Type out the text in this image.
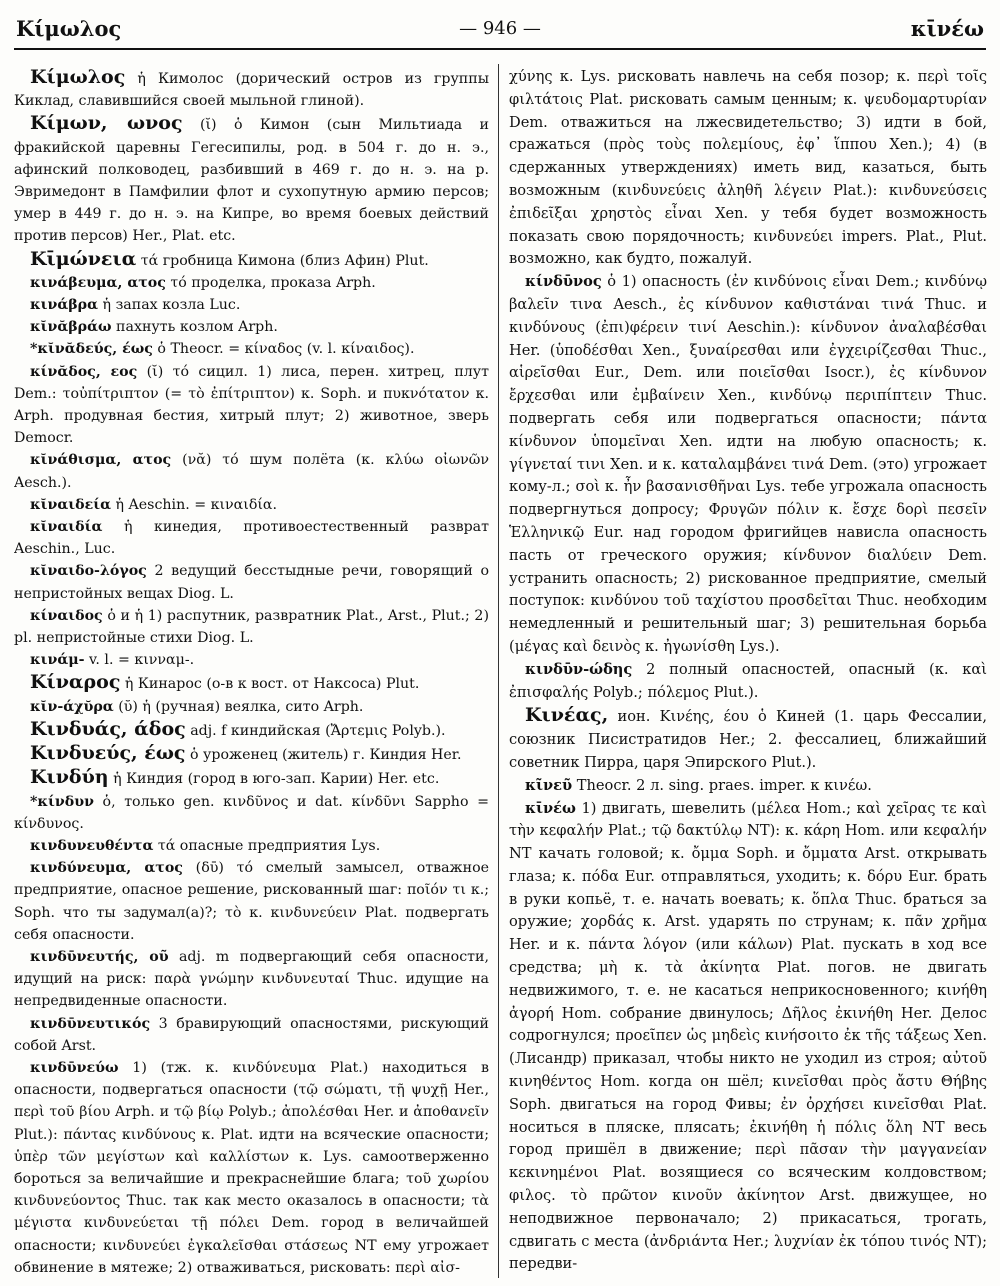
— 946 —
Κίμωλος	κῑνέω

Κίμωλος ἡ Кимолос (дорический остров из группы Киклад, славившийся своей мыльной глиной).

Κίμων, ωνος (ῐ) ὁ Кимон (сын Мильтиада и фракийской царевны Гегесипилы, род. в 504 г. до н. э., афинский полководец, разбивший в 469 г. до н. э. на р. Эвримедонт в Памфилии флот и сухопутную армию персов; умер в 449 г. до н. э. на Кипре, во время боевых действий против персов) Her., Plat. etc.

Κῑμώνεια τά гробница Кимона (близ Афин) Plut.

κινάβευμα, ατος τό проделка, проказа Arph.

κινάβρα ἡ запах козла Luc.

κῐνᾰβράω пахнуть козлом Arph.

*κῐνᾰδεύς, έως ὁ Theocr. = κίναδος (v. l. κίναιδος).

κίνᾰδος, εος (ῐ) τό сицил. 1) лиса, перен. хитрец, плут Dem.: τοὐπίτριπτον (= τὸ ἐπίτριπτον) κ. Soph. и πυκνότατον κ. Arph. продувная бестия, хитрый плут; 2) животное, зверь Democr.

κῐνάθισμα, ατος (νᾰ) τό шум полёта (κ. κλύω οἰωνῶν Aesch.).

κῐναιδεία ἡ Aeschin. = κιναιδία.

κῐναιδία ἡ кинедия, противоестественный разврат Aeschin., Luc.

κῐναιδο-λόγος 2 ведущий бесстыдные речи, говорящий о непристойных вещах Diog. L.

κίναιδος ὁ и ἡ 1) распутник, развратник Plat., Arst., Plut.; 2) pl. непристойные стихи Diog. L.

κινάμ- v. l. = κινναμ-.

Κίναρος ἡ Кинарос (о-в к вост. от Наксоса) Plut.

κῐν-άχῠρα (ῠ) ἡ (ручная) веялка, сито Arph.

Κινδυάς, άδος adj. f киндийская (Ἄρτεμις Polyb.).

Κινδυεύς, έως ὁ уроженец (житель) г. Киндия Her.

Κινδύη ἡ Киндия (город в юго-зап. Карии) Her. etc.

*κίνδυν ὁ, только gen. κινδῦνος и dat. κίνδῦνι Sappho = κίνδυνος.

κινδυνευθέντα τά опасные предприятия Lys.

κινδύνευμα, ατος (δῡ) τό смелый замысел, отважное предприятие, опасное решение, рискованный шаг: ποῖόν τι κ.; Soph. что ты задумал(а)?; τὸ κ. κινδυνεύειν Plat. подвергать себя опасности.

κινδῡνευτής, οῦ adj. m подвергающий себя опасности, идущий на риск: παρὰ γνώμην κινδυνευταί Thuc. идущие на непредвиденные опасности.

κινδῡνευτικός 3 бравирующий опасностями, рискующий собой Arst.

κινδῡνεύω 1) (тж. κ. κινδύνευμα Plat.) находиться в опасности, подвергаться опасности (τῷ σώματι, τῇ ψυχῇ Her., περὶ τοῦ βίου Arph. и τῷ βίῳ Polyb.; ἀπολέσθαι Her. и ἀποθανεῖν Plut.): πάντας κινδύνους κ. Plat. идти на всяческие опасности; ὑπὲρ τῶν μεγίστων καὶ καλλίστων κ. Lys. самоотверженно бороться за величайшие и прекраснейшие блага; τοῦ χωρίου κινδυνεύοντος Thuc. так как место оказалось в опасности; τὰ μέγιστα κινδυνεύεται τῇ πόλει Dem. город в величайшей опасности; κινδυνεύει ἐγκαλεῖσθαι στάσεως NT ему угрожает обвинение в мятеже; 2) отваживаться, рисковать: περὶ αἰσ-

χύνης κ. Lys. рисковать навлечь на себя позор; κ. περὶ τοῖς φιλτάτοις Plat. рисковать самым ценным; κ. ψευδομαρτυρίαν Dem. отважиться на лжесвидетельство; 3) идти в бой, сражаться (πρὸς τοὺς πολεμίους, ἐφ᾽ ἵππου Xen.); 4) (в сдержанных утверждениях) иметь вид, казаться, быть возможным (κινδυνεύεις ἀληθῆ λέγειν Plat.): κινδυνεύσεις ἐπιδεῖξαι χρηστὸς εἶναι Xen. у тебя будет возможность показать свою порядочность; κινδυνεύει impers. Plat., Plut. возможно, как будто, пожалуй.

κίνδῡνος ὁ 1) опасность (ἐν κινδύνοις εἶναι Dem.; κινδύνῳ βαλεῖν τινα Aesch., ἐς κίνδυνον καθιστάναι τινά Thuc. и κινδύνους (ἐπι)φέρειν τινί Aeschin.): κίνδυνον ἀναλαβέσθαι Her. (ὑποδέσθαι Xen., ξυναίρεσθαι или ἐγχειρίζεσθαι Thuc., αἱρεῖσθαι Eur., Dem. или ποιεῖσθαι Isocr.), ἐς κίνδυνον ἔρχεσθαι или ἐμβαίνειν Xen., κινδύνῳ περιπίπτειν Thuc. подвергать себя или подвергаться опасности; πάντα κίνδυνον ὑπομεῖναι Xen. идти на любую опасность; κ. γίγνεταί τινι Xen. и κ. καταλαμβάνει τινά Dem. (это) угрожает кому-л.; σοὶ κ. ἦν βασανισθῆναι Lys. тебе угрожала опасность подвергнуться допросу; Φρυγῶν πόλιν κ. ἔσχε δορὶ πεσεῖν Ἑλληνικῷ Eur. над городом фригийцев нависла опасность пасть от греческого оружия; κίνδυνον διαλύειν Dem. устранить опасность; 2) рискованное предприятие, смелый поступок: κινδύνου τοῦ ταχίστου προσδεῖται Thuc. необходим немедленный и решительный шаг; 3) решительная борьба (μέγας καὶ δεινὸς κ. ἠγωνίσθη Lys.).

κινδῡν-ώδης 2 полный опасностей, опасный (κ. καὶ ἐπισφαλής Polyb.; πόλεμος Plut.).

Κινέας, ион. Κινέης, έου ὁ Киней (1. царь Фессалии, союзник Писистратидов Her.; 2. фессалиец, ближайший советник Пирра, царя Эпирского Plut.).

κῖνεῦ Theocr. 2 л. sing. praes. imper. к κινέω.

κῑνέω 1) двигать, шевелить (μέλεα Hom.; καὶ χεῖρας τε καὶ τὴν κεφαλήν Plat.; τῷ δακτύλῳ NT): κ. κάρη Hom. или κεφαλήν NT качать головой; κ. ὄμμα Soph. и ὄμματα Arst. открывать глаза; κ. πόδα Eur. отправляться, уходить; κ. δόρυ Eur. брать в руки копьё, т. е. начать воевать; κ. ὅπλα Thuc. браться за оружие; χορδάς κ. Arst. ударять по струнам; κ. πᾶν χρῆμα Her. и κ. πάντα λόγον (или κάλων) Plat. пускать в ход все средства; μὴ κ. τὰ ἀκίνητα Plat. погов. не двигать недвижимого, т. е. не касаться неприкосновенного; κινήθη ἀγορή Hom. собрание двинулось; Δῆλος ἐκινήθη Her. Делос содрогнулся; προεῖπεν ὡς μηδεὶς κινήσοιτο ἐκ τῆς τάξεως Xen. (Лисандр) приказал, чтобы никто не уходил из строя; αὐτοῦ κινηθέντος Hom. когда он шёл; κινεῖσθαι πρὸς ἄστυ Θήβης Soph. двигаться на город Фивы; ἐν ὀρχήσει κινεῖσθαι Plat. носиться в пляске, плясать; ἐκινήθη ἡ πόλις ὅλη NT весь город пришёл в движение; περὶ πᾶσαν τὴν μαγγανείαν κεκινημένοι Plat. возящиеся со всяческим колдовством; φιλος. τὸ πρῶτον κινοῦν ἀκίνητον Arst. движущее, но неподвижное первоначало; 2) прикасаться, трогать, сдвигать с места (ἀνδριάντα Her.; λυχνίαν ἐκ τόπου τινός NT); передви-
